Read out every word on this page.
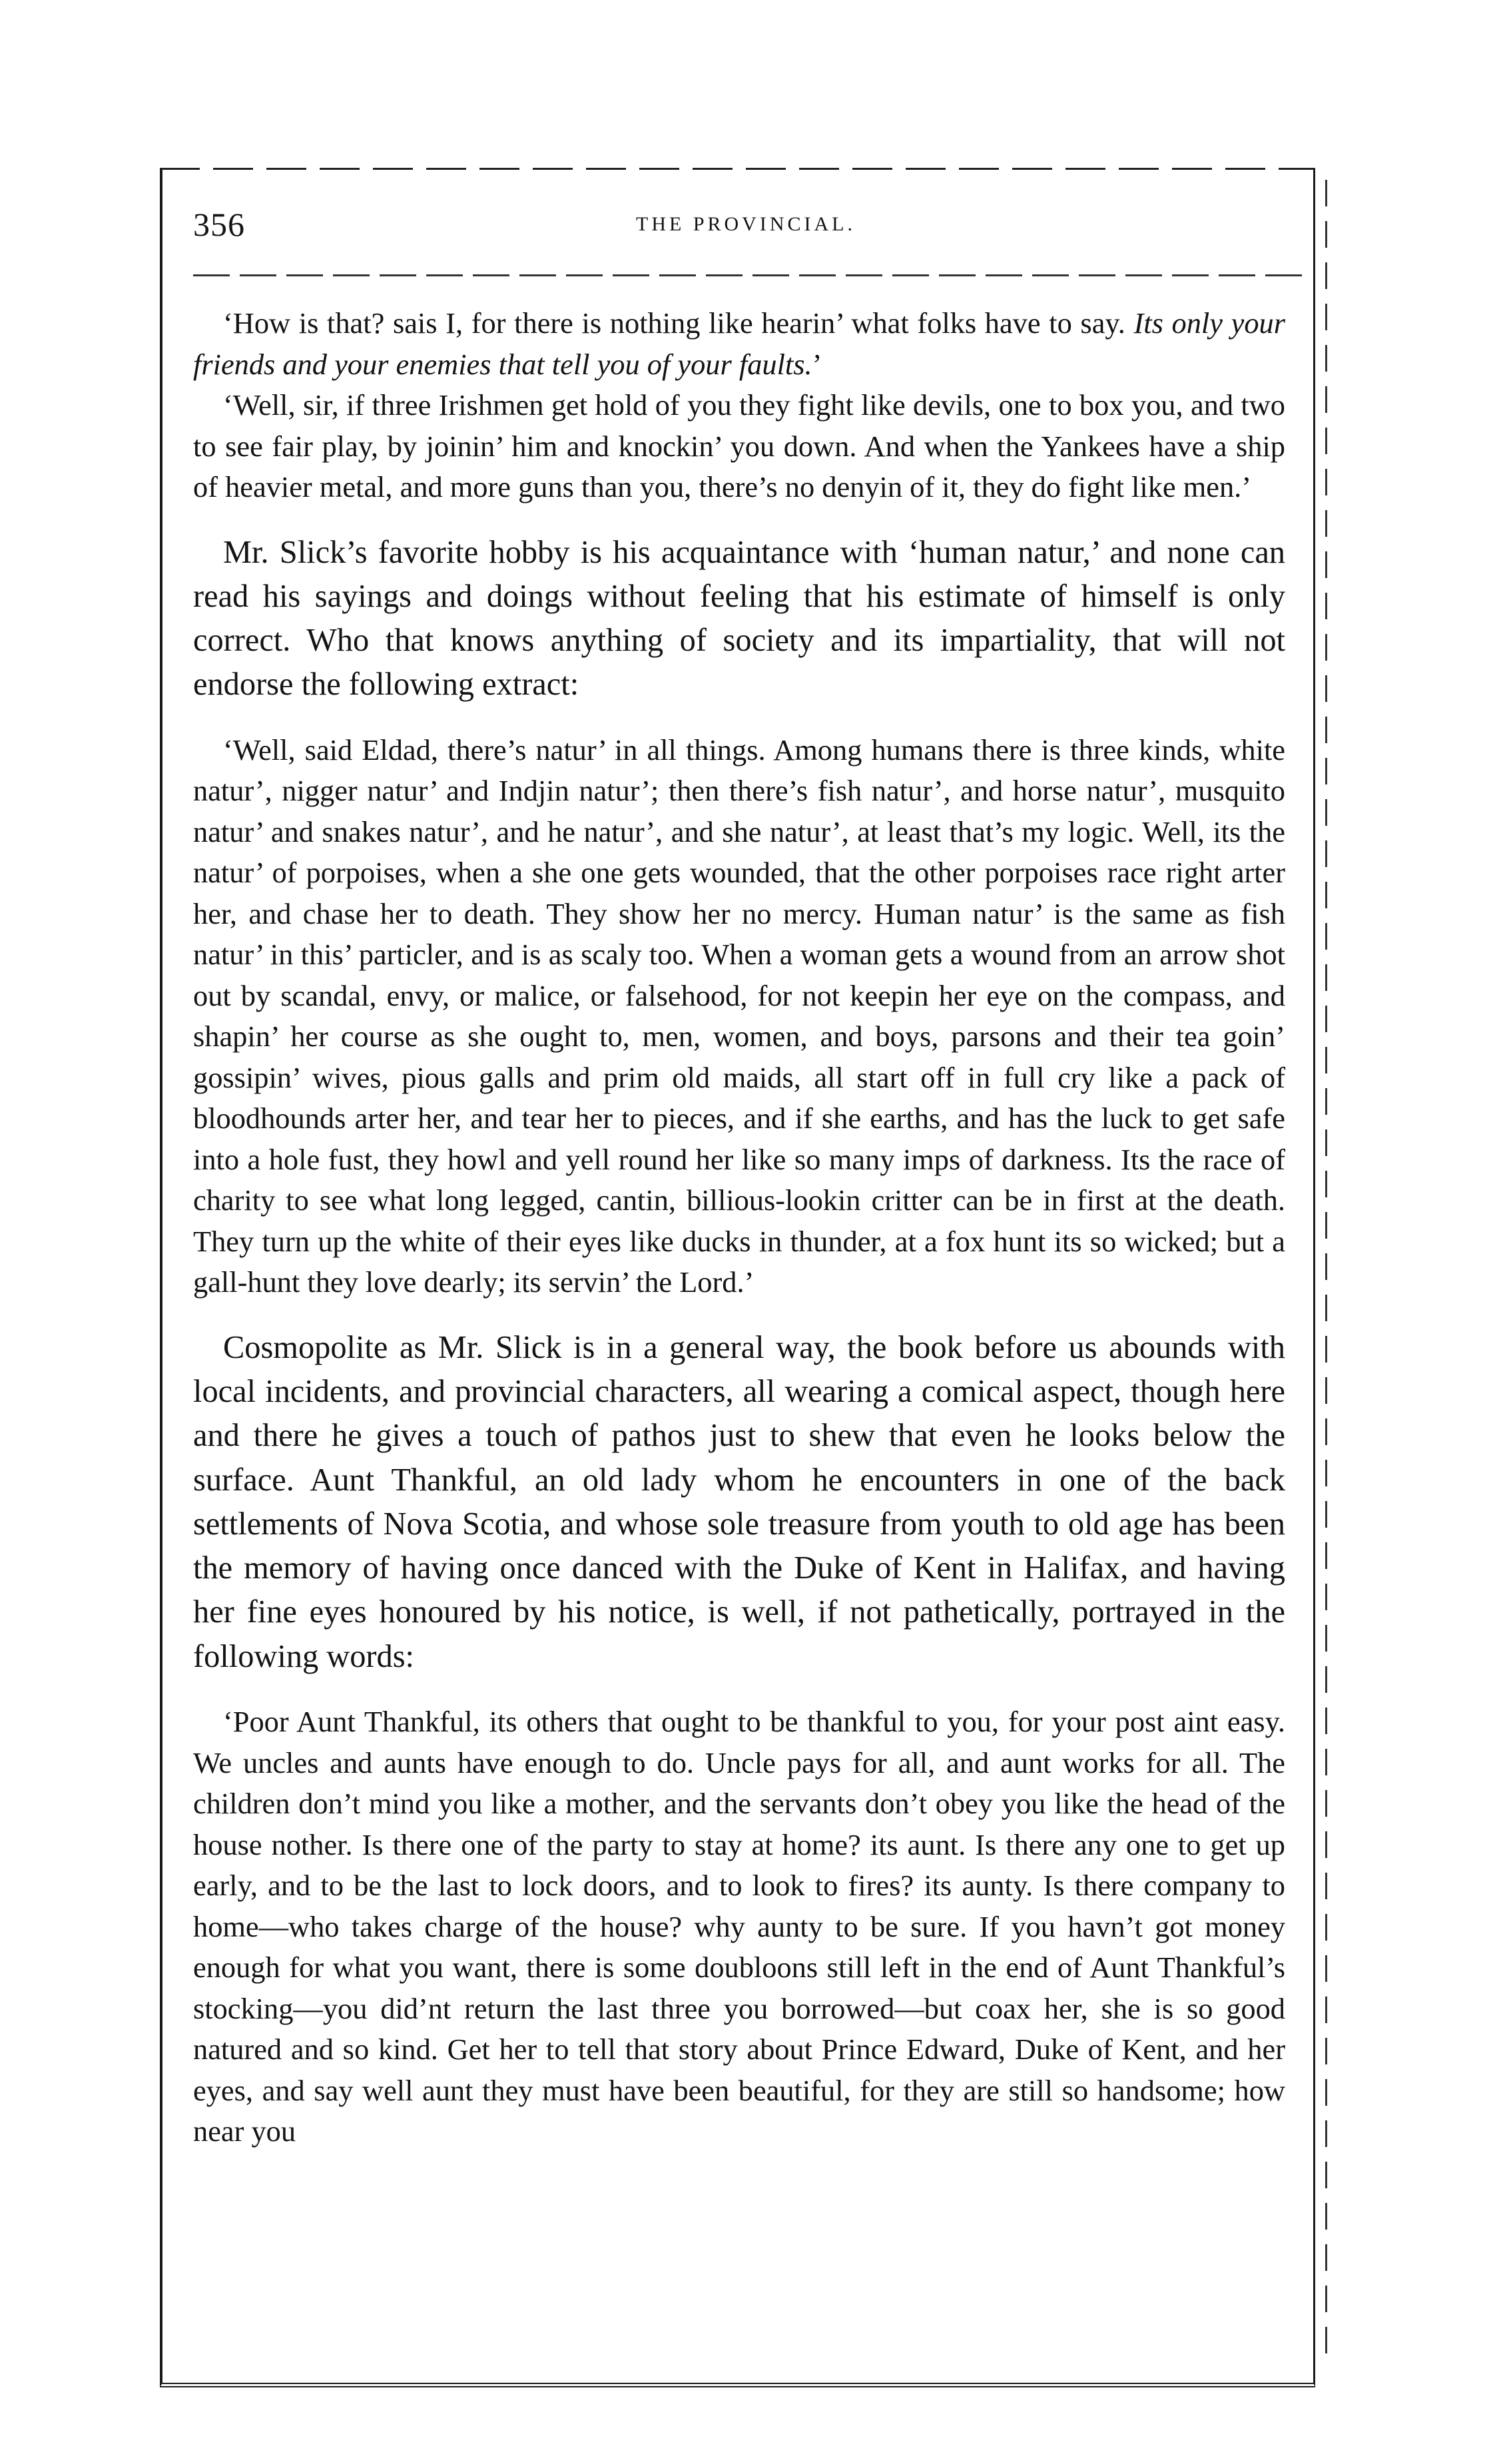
356	THE PROVINCIAL.

‘How is that? sais I, for there is nothing like hearin’ what folks have to say. Its only your friends and your enemies that tell you of your faults.’

‘Well, sir, if three Irishmen get hold of you they fight like devils, one to box you, and two to see fair play, by joinin’ him and knockin’ you down. And when the Yankees have a ship of heavier metal, and more guns than you, there’s no denyin of it, they do fight like men.’

Mr. Slick’s favorite hobby is his acquaintance with ‘human natur,’ and none can read his sayings and doings without feeling that his estimate of himself is only correct. Who that knows anything of society and its impartiality, that will not endorse the following extract:

‘Well, said Eldad, there’s natur’ in all things. Among humans there is three kinds, white natur’, nigger natur’ and Indjin natur’; then there’s fish natur’, and horse natur’, musquito natur’ and snakes natur’, and he natur’, and she natur’, at least that’s my logic. Well, its the natur’ of porpoises, when a she one gets wounded, that the other porpoises race right arter her, and chase her to death. They show her no mercy. Human natur’ is the same as fish natur’ in this’ particler, and is as scaly too. When a woman gets a wound from an arrow shot out by scandal, envy, or malice, or falsehood, for not keepin her eye on the compass, and shapin’ her course as she ought to, men, women, and boys, parsons and their tea goin’ gossipin’ wives, pious galls and prim old maids, all start off in full cry like a pack of bloodhounds arter her, and tear her to pieces, and if she earths, and has the luck to get safe into a hole fust, they howl and yell round her like so many imps of darkness. Its the race of charity to see what long legged, cantin, billious-lookin critter can be in first at the death. They turn up the white of their eyes like ducks in thunder, at a fox hunt its so wicked; but a gall-hunt they love dearly; its servin’ the Lord.’

Cosmopolite as Mr. Slick is in a general way, the book before us abounds with local incidents, and provincial characters, all wearing a comical aspect, though here and there he gives a touch of pathos just to shew that even he looks below the surface. Aunt Thankful, an old lady whom he encounters in one of the back settlements of Nova Scotia, and whose sole treasure from youth to old age has been the memory of having once danced with the Duke of Kent in Halifax, and having her fine eyes honoured by his notice, is well, if not pathetically, portrayed in the following words:

‘Poor Aunt Thankful, its others that ought to be thankful to you, for your post aint easy. We uncles and aunts have enough to do. Uncle pays for all, and aunt works for all. The children don’t mind you like a mother, and the servants don’t obey you like the head of the house nother. Is there one of the party to stay at home? its aunt. Is there any one to get up early, and to be the last to lock doors, and to look to fires? its aunty. Is there company to home—who takes charge of the house? why aunty to be sure. If you havn’t got money enough for what you want, there is some doubloons still left in the end of Aunt Thankful’s stocking—you did’nt return the last three you borrowed—but coax her, she is so good natured and so kind. Get her to tell that story about Prince Edward, Duke of Kent, and her eyes, and say well aunt they must have been beautiful, for they are still so handsome; how near you
